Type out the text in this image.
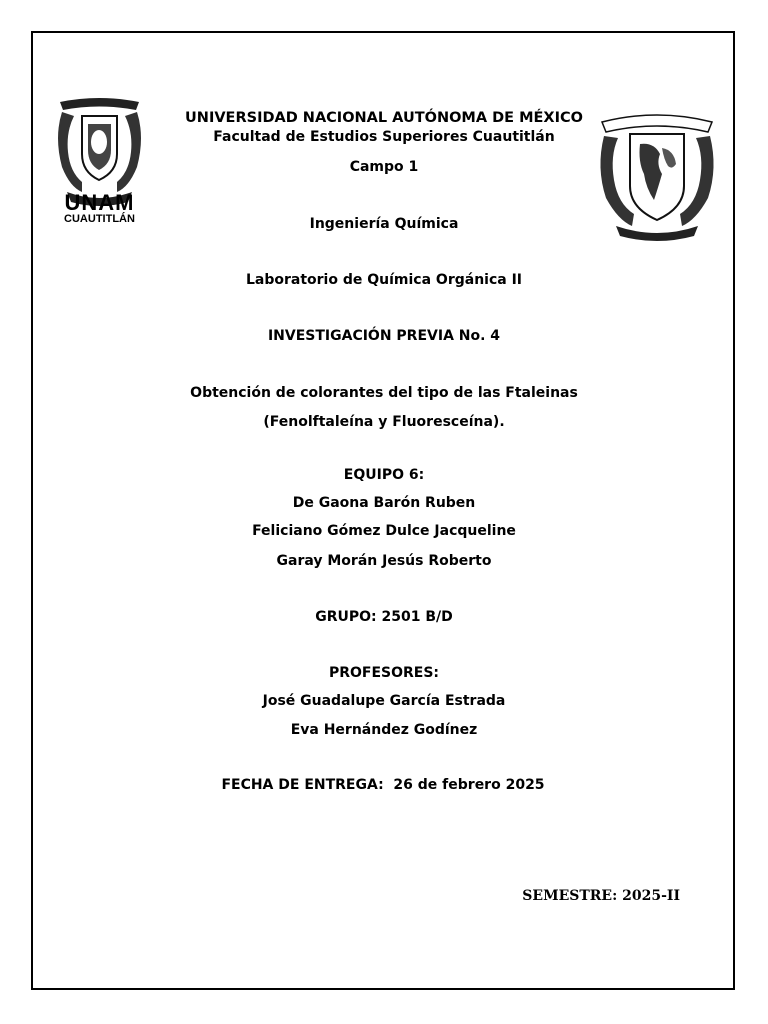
UNAM
CUAUTITLÁN
UNIVERSIDAD NACIONAL AUTÓNOMA DE MÉXICO
Facultad de Estudios Superiores Cuautitlán
Campo 1
Ingeniería Química
Laboratorio de Química Orgánica II
INVESTIGACIÓN PREVIA No. 4
Obtención de colorantes del tipo de las Ftaleinas
(Fenolftaleína y Fluoresceína).
EQUIPO 6:
De Gaona Barón Ruben
Feliciano Gómez Dulce Jacqueline
Garay Morán Jesús Roberto
GRUPO: 2501 B/D
PROFESORES:
José Guadalupe García Estrada
Eva Hernández Godínez
FECHA DE ENTREGA:  26 de febrero 2025
SEMESTRE: 2025-II
